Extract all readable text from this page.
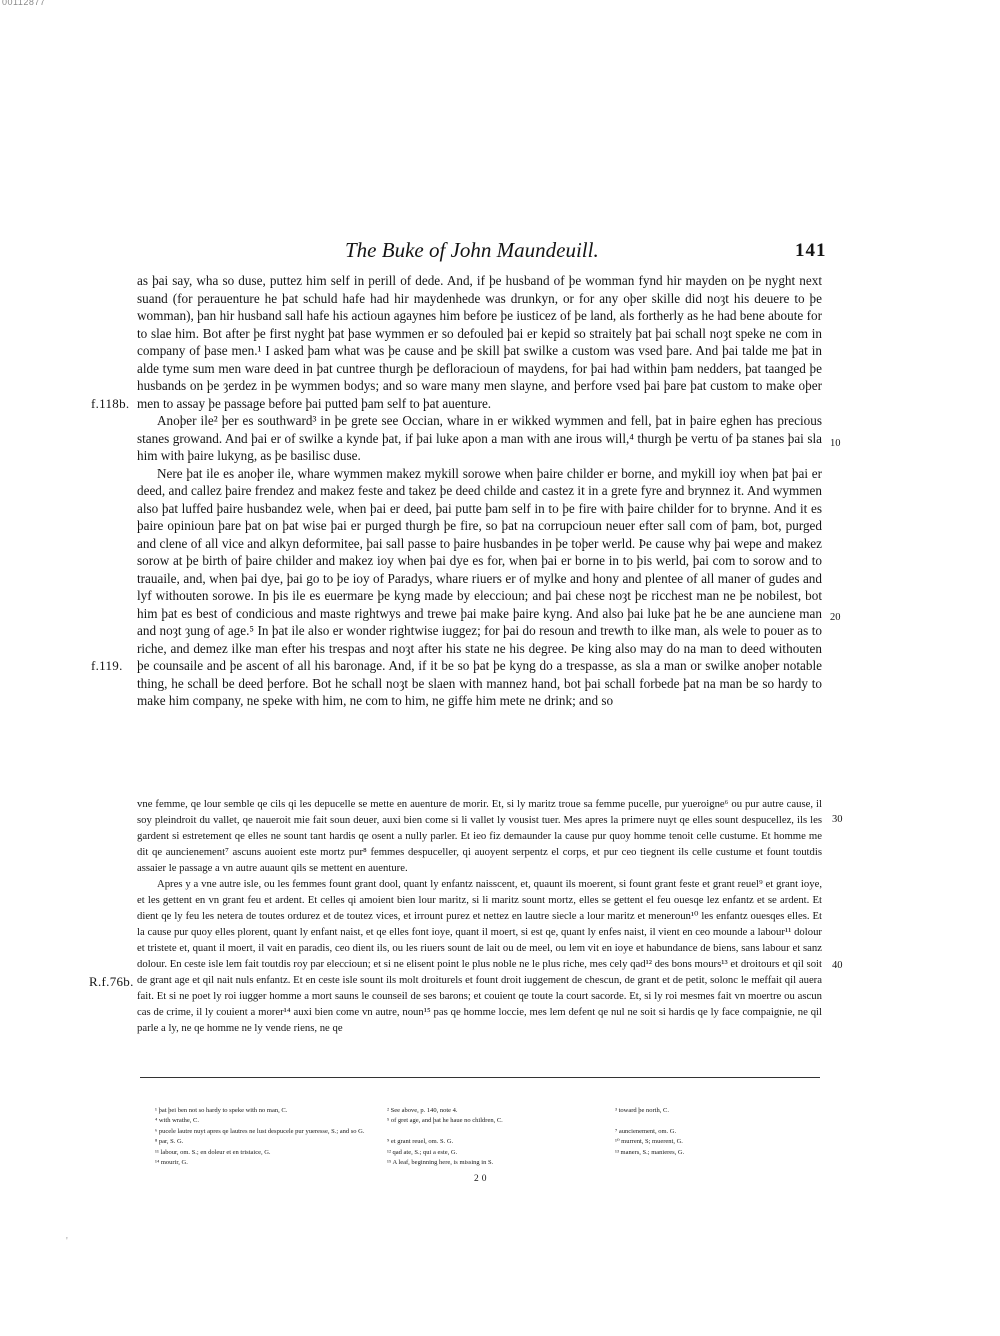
00112877
The Buke of John Maundeuill.	141

as þai say, wha so duse, puttez him self in perill of dede. And, if þe husband of þe womman fynd hir mayden on þe nyght next suand (for perauenture he þat schuld hafe had hir maydenhede was drunkyn, or for any oþer skille did noȝt his deuere to þe womman), þan hir husband sall hafe his actioun agaynes him before þe iusticez of þe land, als fortherly as he had bene aboute for to slae him. Bot after þe first nyght þat þase wymmen er so defouled þai er kepid so straitely þat þai schall noȝt speke ne com in company of þase men.¹ I asked þam what was þe cause and þe skill þat swilke a custom was vsed þare. And þai talde me þat in alde tyme sum men ware deed in þat cuntree thurgh þe defloracioun of maydens, for þai had within þam nedders, þat taanged þe husbands on þe ȝerdez in þe wymmen bodys; and so ware many men slayne, and þerfore vsed þai þare þat custom to make oþer men to assay þe passage before þai putted þam self to þat auenture.

Anoþer ile² þer es southward³ in þe grete see Occian, whare in er wikked wymmen and fell, þat in þaire eghen has precious stanes growand. And þai er of swilke a kynde þat, if þai luke apon a man with ane irous will,⁴ thurgh þe vertu of þa stanes þai sla him with þaire lukyng, as þe basilisc duse.

Nere þat ile es anoþer ile, whare wymmen makez mykill sorowe when þaire childer er borne, and mykill ioy when þat þai er deed, and callez þaire frendez and makez feste and takez þe deed childe and castez it in a grete fyre and brynnez it. And wymmen also þat luffed þaire husbandez wele, when þai er deed, þai putte þam self in to þe fire with þaire childer for to brynne. And it es þaire opinioun þare þat on þat wise þai er purged thurgh þe fire, so þat na corrupcioun neuer efter sall com of þam, bot, purged and clene of all vice and alkyn deformitee, þai sall passe to þaire husbandes in þe toþer werld. Þe cause why þai wepe and makez sorow at þe birth of þaire childer and makez ioy when þai dye es for, when þai er borne in to þis werld, þai com to sorow and to trauaile, and, when þai dye, þai go to þe ioy of Paradys, whare riuers er of mylke and hony and plentee of all maner of gudes and lyf withouten sorowe. In þis ile es euermare þe kyng made by eleccioun; and þai chese noȝt þe ricchest man ne þe nobilest, bot him þat es best of condicious and maste rightwys and trewe þai make þaire kyng. And also þai luke þat he be ane aunciene man and noȝt ȝung of age.⁵ In þat ile also er wonder rightwise iuggez; for þai do resoun and trewth to ilke man, als wele to pouer as to riche, and demez ilke man efter his trespas and noȝt after his state ne his degree. Þe king also may do na man to deed withouten þe counsaile and þe ascent of all his baronage. And, if it be so þat þe kyng do a trespasse, as sla a man or swilke anoþer notable thing, he schall be deed þerfore. Bot he schall noȝt be slaen with mannez hand, bot þai schall forbede þat na man be so hardy to make him company, ne speke with him, ne com to him, ne giffe him mete ne drink; and so

vne femme, qe lour semble qe cils qi les depucelle se mette en auenture de morir. Et, si ly maritz troue sa femme pucelle, pur yueroigne⁶ ou pur autre cause, il soy pleindroit du vallet, qe naueroit mie fait soun deuer, auxi bien come si li vallet ly vousist tuer. Mes apres la primere nuyt qe elles sount despucellez, ils les gardent si estretement qe elles ne sount tant hardis qe osent a nully parler. Et ieo fiz demaunder la cause pur quoy homme tenoit celle custume. Et homme me dit qe auncienement⁷ ascuns auoient este mortz pur⁸ femmes despuceller, qi auoyent serpentz el corps, et pur ceo tiegnent ils celle custume et fount toutdis assaier le passage a vn autre auaunt qils se mettent en auenture.

Apres y a vne autre isle, ou les femmes fount grant dool, quant ly enfantz naisscent, et, quaunt ils moerent, si fount grant feste et grant reuel⁹ et grant ioye, et les gettent en vn grant feu et ardent. Et celles qi amoient bien lour maritz, si li maritz sount mortz, elles se gettent el feu ouesqe lez enfantz et se ardent. Et dient qe ly feu les netera de toutes ordurez et de toutez vices, et irrount purez et nettez en lautre siecle a lour maritz et meneroun¹⁰ les enfantz ouesqes elles. Et la cause pur quoy elles plorent, quant ly enfant naist, et qe elles font ioye, quant il moert, si est qe, quant ly enfes naist, il vient en ceo mounde a labour¹¹ dolour et tristete et, quant il moert, il vait en paradis, ceo dient ils, ou les riuers sount de lait ou de meel, ou lem vit en ioye et habundance de biens, sans labour et sanz dolour. En ceste isle lem fait toutdis roy par eleccioun; et si ne elisent point le plus noble ne le plus riche, mes cely qad¹² des bons mours¹³ et droitours et qil soit de grant age et qil nait nuls enfantz. Et en ceste isle sount ils molt droiturels et fount droit iuggement de chescun, de grant et de petit, solonc le meffait qil auera fait. Et si ne poet ly roi iugger homme a mort sauns le counseil de ses barons; et couient qe toute la court sacorde. Et, si ly roi mesmes fait vn moertre ou ascun cas de crime, il ly couient a morer¹⁴ auxi bien come vn autre, noun¹⁵ pas qe homme loccie, mes lem defent qe nul ne soit si hardis qe ly face compaignie, ne qil parle a ly, ne qe homme ne ly vende riens, ne qe

f.118b.
f.119.
R.f.76b.
10
20
30
40
¹ þat þei ben not so hardy to speke with no man, C.
⁴ with wrathe, C.
⁶ pucele lautre nuyt apres qe lautres ne lust despucele pur yueresse, S.; and so G.
⁸ par, S. G.
¹¹ labour, om. S.; en doleur et en tristaice, G.
¹⁴ mourir, G.
² See above, p. 140, note 4.
⁵ of gret age, and þat he haue no children, C.

⁹ et grant reuel, om. S. G.
¹² qad ate, S.; qui a este, G.
¹⁵ A leaf, beginning here, is missing in S.
³ toward þe north, C.

⁷ auncienement, om. G.
¹⁰ murrent, S; muerent, G.
¹³ maners, S.; manieres, G.
20
'
